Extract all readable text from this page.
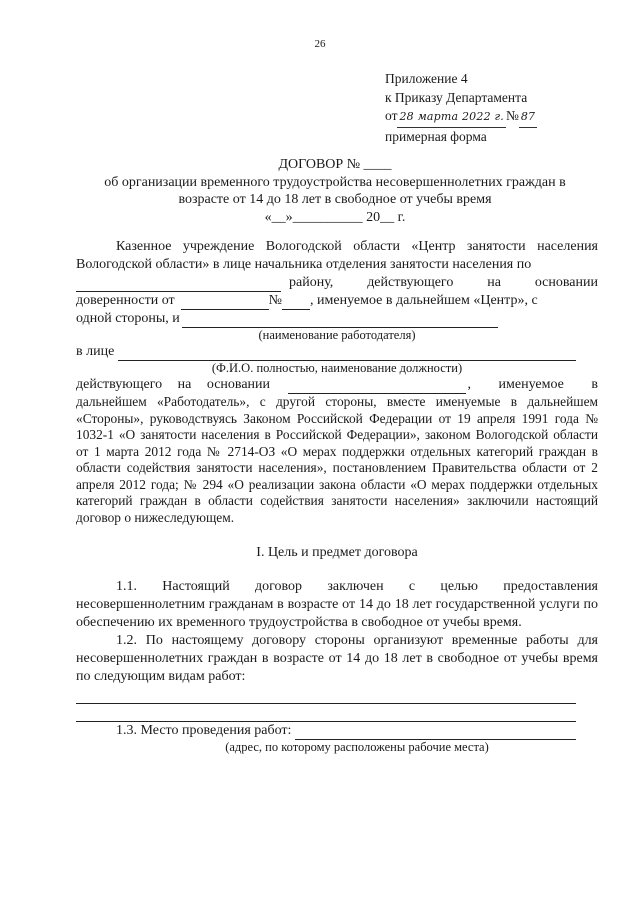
26
Приложение 4
к Приказу Департамента
от 28 марта 2022 г. № 87
примерная форма
ДОГОВОР № ____
об организации временного трудоустройства несовершеннолетних граждан в
возрасте от 14 до 18 лет в свободное от учебы время
«__»__________ 20__ г.

Казенное учреждение Вологодской области «Центр занятости населения Вологодской области» в лице начальника отделения занятости населения по

району, действующего на основании
доверенности от	№ , именуемое в дальнейшем «Центр», с
одной стороны, и
(наименование работодателя)
в лице
(Ф.И.О. полностью, наименование должности)
действующего на основании	, именуемое в

дальнейшем «Работодатель», с другой стороны, вместе именуемые в дальнейшем «Стороны», руководствуясь Законом Российской Федерации от 19 апреля 1991 года № 1032-1 «О занятости населения в Российской Федерации», законом Вологодской области от 1 марта 2012 года № 2714-ОЗ «О мерах поддержки отдельных категорий граждан в области содействия занятости населения», постановлением Правительства области от 2 апреля 2012 года; № 294 «О реализации закона области «О мерах поддержки отдельных категорий граждан в области содействия занятости населения» заключили настоящий договор о нижеследующем.

I. Цель и предмет договора

1.1. Настоящий договор заключен с целью предоставления несовершеннолетним гражданам в возрасте от 14 до 18 лет государственной услуги по обеспечению их временного трудоустройства в свободное от учебы время.

1.2. По настоящему договору стороны организуют временные работы для несовершеннолетних граждан в возрасте от 14 до 18 лет в свободное от учебы время по следующим видам работ:

1.3. Место проведения работ:
(адрес, по которому расположены рабочие места)
